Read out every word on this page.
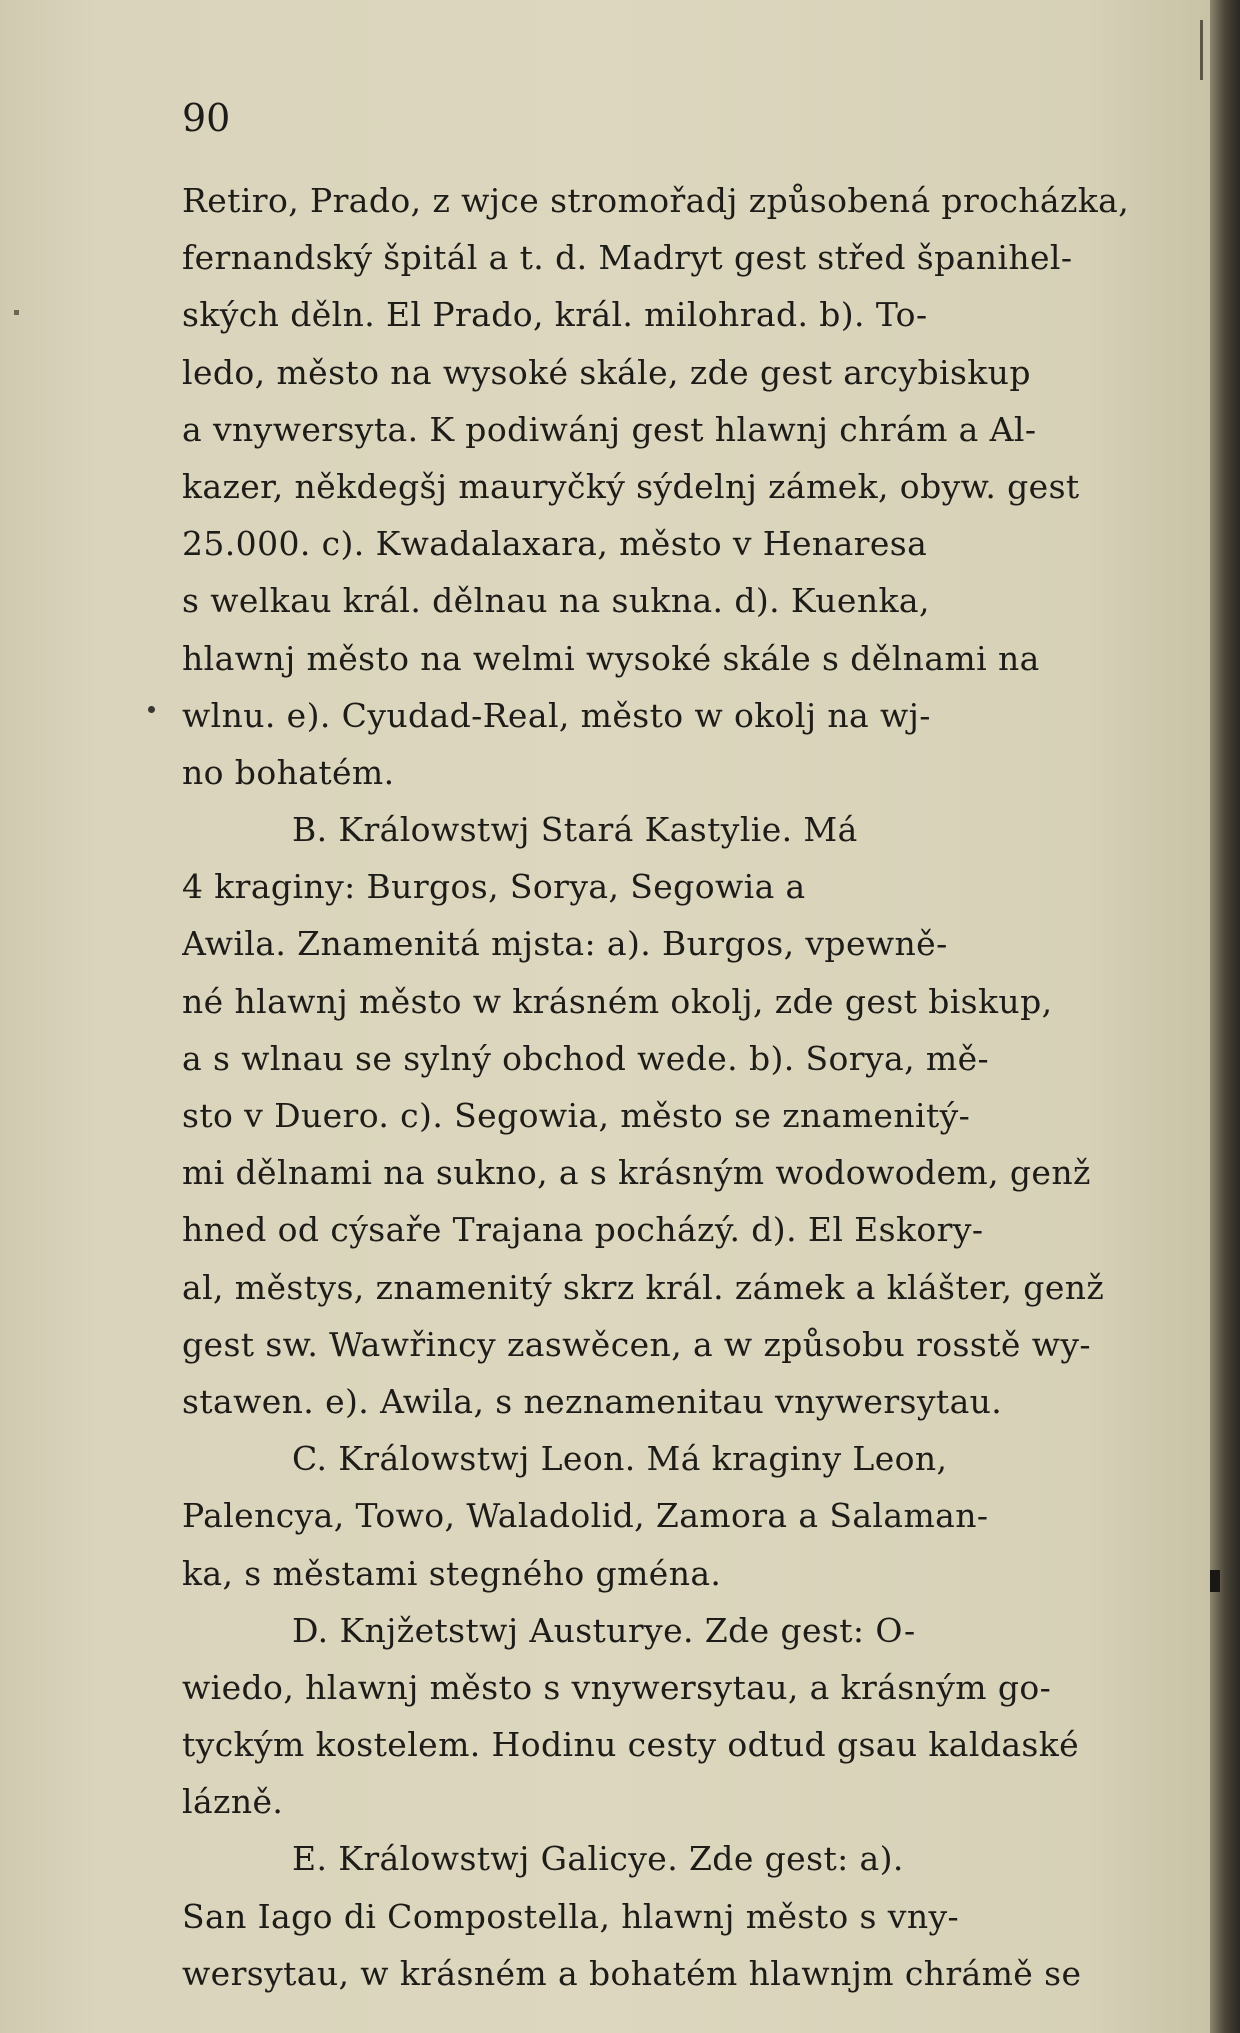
90
Retiro, Prado, z wjce stromořadj způsobená procházka,
fernandský špitál a t. d. Madryt gest střed španihel-
ských děln. El Prado, král. milohrad. b). To-
ledo, město na wysoké skále, zde gest arcybiskup
a vnywersyta. K podiwánj gest hlawnj chrám a Al-
kazer, někdegšj mauryčký sýdelnj zámek, obyw. gest
25.000. c). Kwadalaxara, město v Henaresa
s welkau král. dělnau na sukna. d). Kuenka,
hlawnj město na welmi wysoké skále s dělnami na
wlnu. e). Cyudad-Real, město w okolj na wj-
no bohatém.
B. Králowstwj Stará Kastylie. Má
4 kraginy: Burgos, Sorya, Segowia a
Awila. Znamenitá mjsta: a). Burgos, vpewně-
né hlawnj město w krásném okolj, zde gest biskup,
a s wlnau se sylný obchod wede. b). Sorya, mě-
sto v Duero. c). Segowia, město se znamenitý-
mi dělnami na sukno, a s krásným wodowodem, genž
hned od cýsaře Trajana pocházý. d). El Eskory-
al, městys, znamenitý skrz král. zámek a klášter, genž
gest sw. Wawřincy zaswěcen, a w způsobu rosstě wy-
stawen. e). Awila, s neznamenitau vnywersytau.
C. Králowstwj Leon. Má kraginy Leon,
Palencya, Towo, Waladolid, Zamora a Salaman-
ka, s městami stegného gména.
D. Knjžetstwj Austurye. Zde gest: O-
wiedo, hlawnj město s vnywersytau, a krásným go-
tyckým kostelem. Hodinu cesty odtud gsau kaldaské
lázně.
E. Králowstwj Galicye. Zde gest: a).
San Iago di Compostella, hlawnj město s vny-
wersytau, w krásném a bohatém hlawnjm chrámě se
